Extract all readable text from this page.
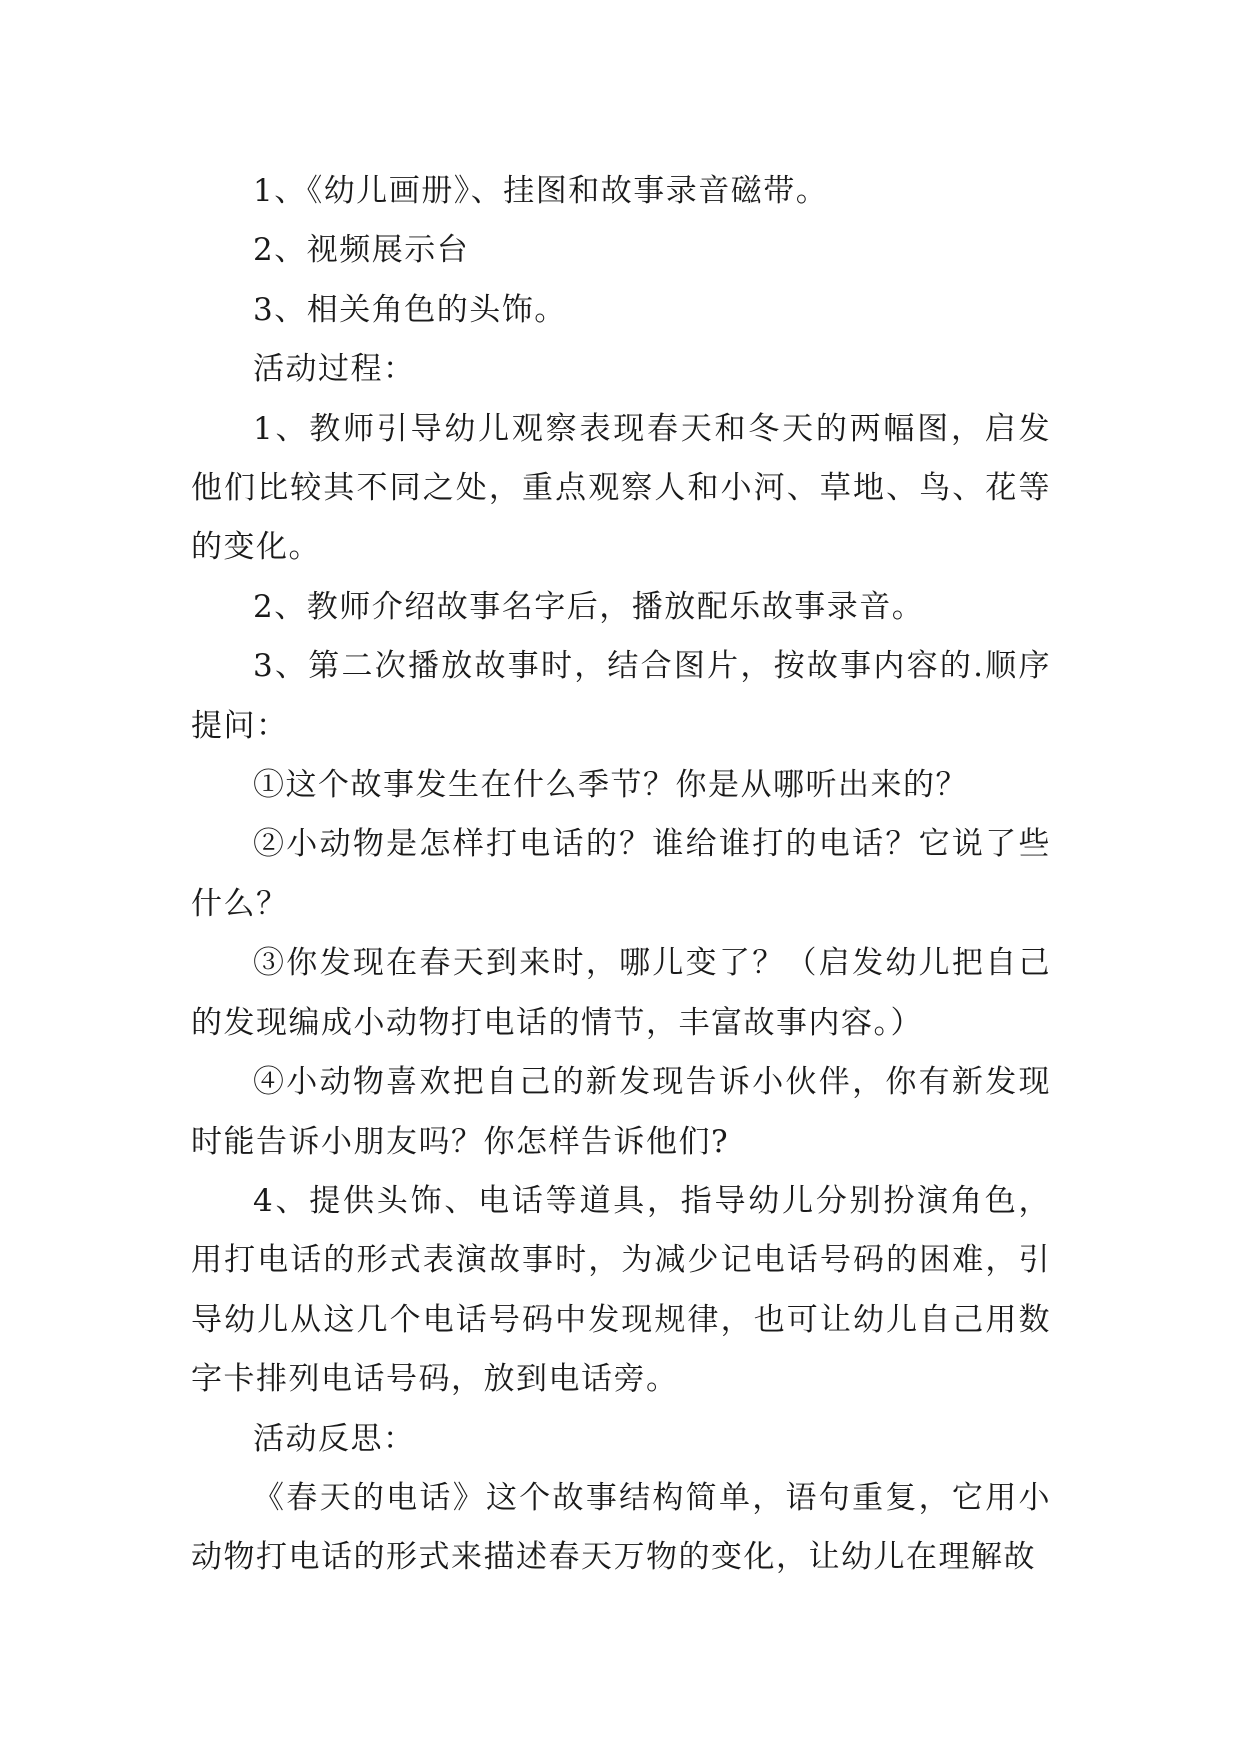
1、《幼儿画册》、挂图和故事录音磁带。

2、视频展示台

3、相关角色的头饰。

活动过程：

1、教师引导幼儿观察表现春天和冬天的两幅图，启发他们比较其不同之处，重点观察人和小河、草地、鸟、花等的变化。

2、教师介绍故事名字后，播放配乐故事录音。

3、第二次播放故事时，结合图片，按故事内容的.顺序提问：

①这个故事发生在什么季节？你是从哪听出来的？

②小动物是怎样打电话的？谁给谁打的电话？它说了些什么？

③你发现在春天到来时，哪儿变了？（启发幼儿把自己的发现编成小动物打电话的情节，丰富故事内容。）

④小动物喜欢把自己的新发现告诉小伙伴，你有新发现时能告诉小朋友吗？你怎样告诉他们?

4、提供头饰、电话等道具，指导幼儿分别扮演角色，用打电话的形式表演故事时，为减少记电话号码的困难，引导幼儿从这几个电话号码中发现规律，也可让幼儿自己用数字卡排列电话号码，放到电话旁。

活动反思：

《春天的电话》这个故事结构简单，语句重复，它用小动物打电话的形式来描述春天万物的变化，让幼儿在理解故
